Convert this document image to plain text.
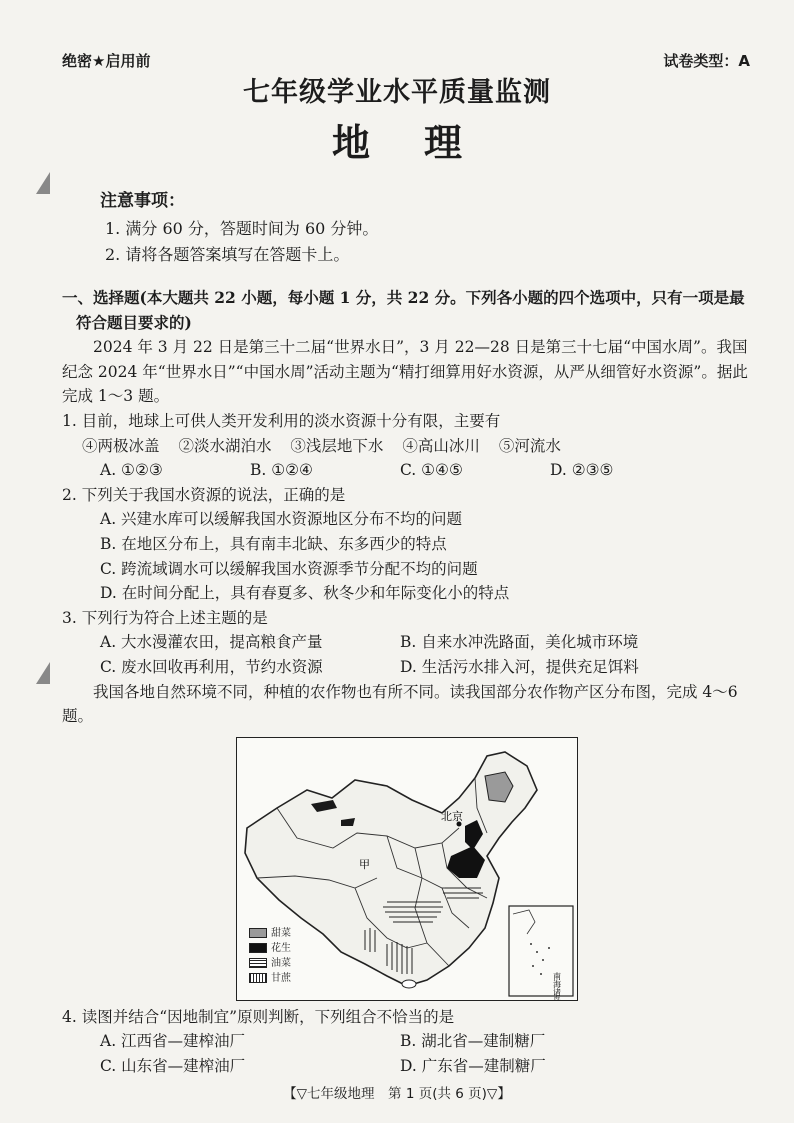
绝密★启用前	试卷类型：A
七年级学业水平质量监测
地理
注意事项：
1. 满分 60 分，答题时间为 60 分钟。
2. 请将各题答案填写在答题卡上。
一、选择题(本大题共 22 小题，每小题 1 分，共 22 分。下列各小题的四个选项中，只有一项是最符合题目要求的)
2024 年 3 月 22 日是第三十二届“世界水日”，3 月 22—28 日是第三十七届“中国水周”。我国纪念 2024 年“世界水日”“中国水周”活动主题为“精打细算用好水资源，从严从细管好水资源”。据此完成 1～3 题。
1. 目前，地球上可供人类开发利用的淡水资源十分有限，主要有
④两极冰盖 ②淡水湖泊水 ③浅层地下水 ④高山冰川 ⑤河流水
A. ①②③	B. ①②④	C. ①④⑤	D. ②③⑤
2. 下列关于我国水资源的说法，正确的是
A. 兴建水库可以缓解我国水资源地区分布不均的问题
B. 在地区分布上，具有南丰北缺、东多西少的特点
C. 跨流域调水可以缓解我国水资源季节分配不均的问题
D. 在时间分配上，具有春夏多、秋冬少和年际变化小的特点
3. 下列行为符合上述主题的是
A. 大水漫灌农田，提高粮食产量	B. 自来水冲洗路面，美化城市环境
C. 废水回收再利用，节约水资源	D. 生活污水排入河，提供充足饵料
我国各地自然环境不同，种植的农作物也有所不同。读我国部分农作物产区分布图，完成 4～6 题。
北京
甲
南海诸岛
甜菜
花生
油菜
甘蔗
4. 读图并结合“因地制宜”原则判断，下列组合不恰当的是
A. 江西省—建榨油厂	B. 湖北省—建制糖厂
C. 山东省—建榨油厂	D. 广东省—建制糖厂
【▽七年级地理　第 1 页(共 6 页)▽】
